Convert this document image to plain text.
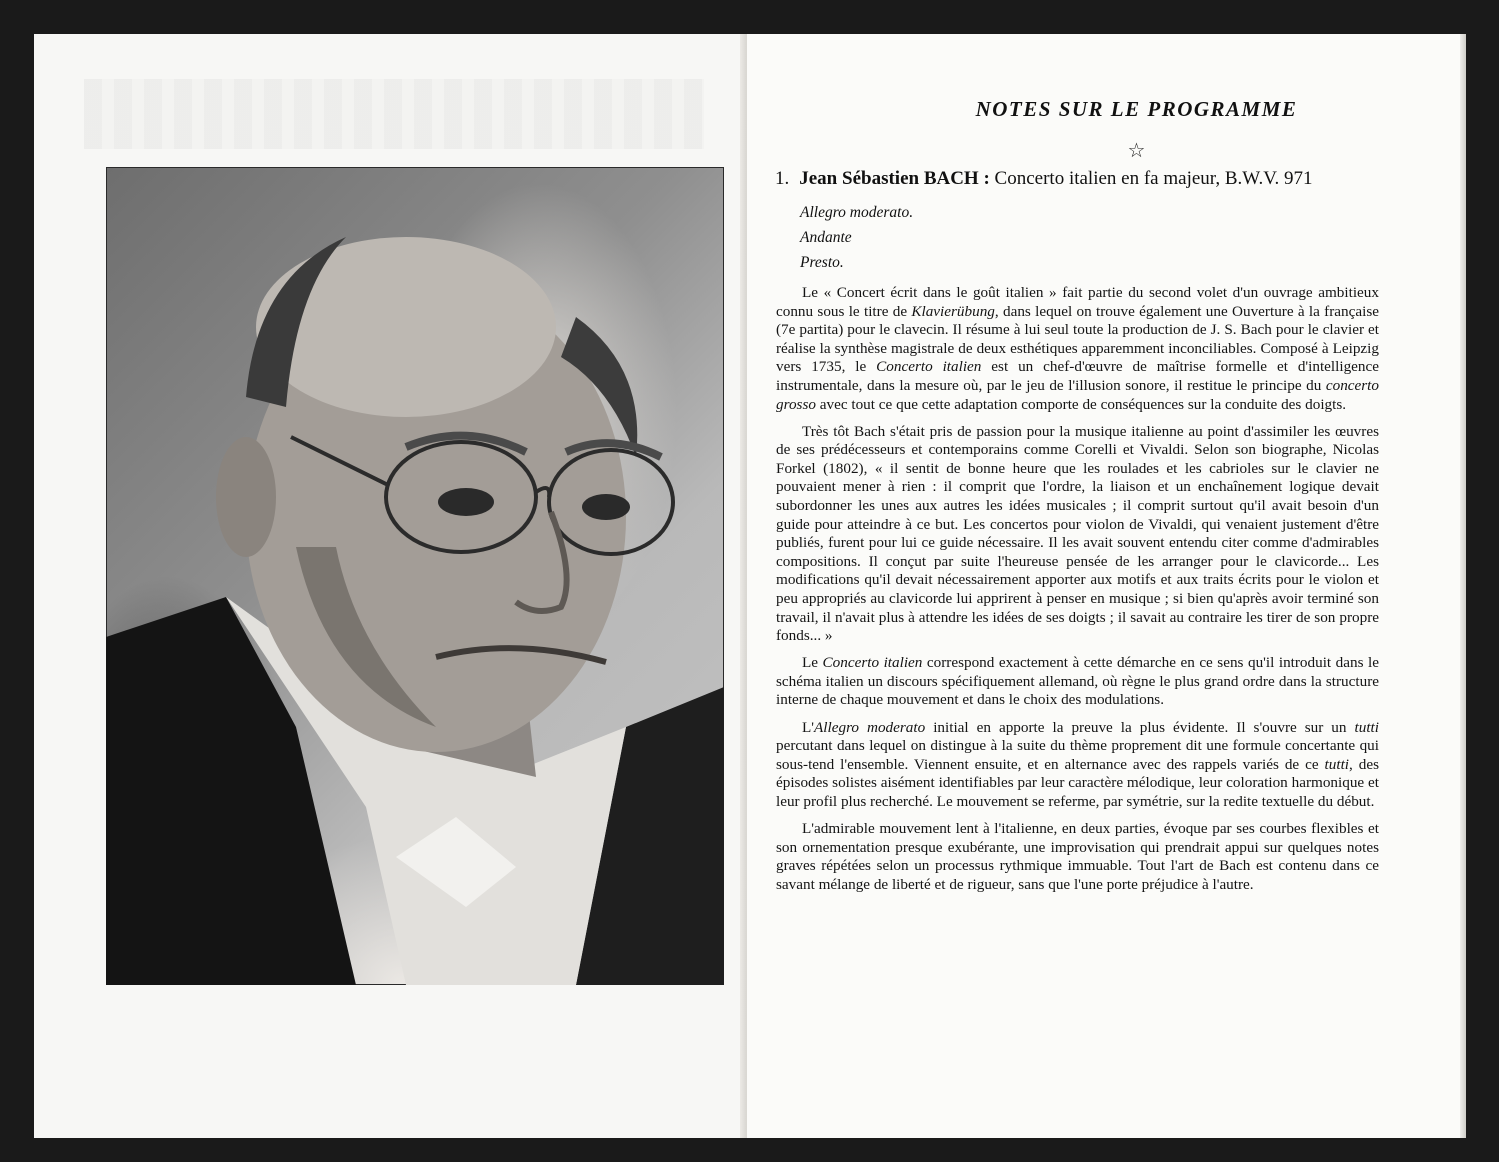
NOTES SUR LE PROGRAMME
☆
1. Jean Sébastien BACH : Concerto italien en fa majeur, B.W.V. 971
Allegro moderato.
Andante
Presto.

Le « Concert écrit dans le goût italien » fait partie du second volet d'un ouvrage ambitieux connu sous le titre de Klavierübung, dans lequel on trouve également une Ouverture à la française (7e partita) pour le clavecin. Il résume à lui seul toute la production de J. S. Bach pour le clavier et réalise la synthèse magistrale de deux esthétiques apparemment inconciliables. Composé à Leipzig vers 1735, le Concerto italien est un chef-d'œuvre de maîtrise formelle et d'intelligence instrumentale, dans la mesure où, par le jeu de l'illusion sonore, il restitue le principe du concerto grosso avec tout ce que cette adaptation comporte de conséquences sur la conduite des doigts.

Très tôt Bach s'était pris de passion pour la musique italienne au point d'assimiler les œuvres de ses prédécesseurs et contemporains comme Corelli et Vivaldi. Selon son biographe, Nicolas Forkel (1802), « il sentit de bonne heure que les roulades et les cabrioles sur le clavier ne pouvaient mener à rien : il comprit que l'ordre, la liaison et un enchaînement logique devait subordonner les unes aux autres les idées musicales ; il comprit surtout qu'il avait besoin d'un guide pour atteindre à ce but. Les concertos pour violon de Vivaldi, qui venaient justement d'être publiés, furent pour lui ce guide nécessaire. Il les avait souvent entendu citer comme d'admirables compositions. Il conçut par suite l'heureuse pensée de les arranger pour le clavicorde... Les modifications qu'il devait nécessairement apporter aux motifs et aux traits écrits pour le violon et peu appropriés au clavicorde lui apprirent à penser en musique ; si bien qu'après avoir terminé son travail, il n'avait plus à attendre les idées de ses doigts ; il savait au contraire les tirer de son propre fonds... »

Le Concerto italien correspond exactement à cette démarche en ce sens qu'il introduit dans le schéma italien un discours spécifiquement allemand, où règne le plus grand ordre dans la structure interne de chaque mouvement et dans le choix des modulations.

L'Allegro moderato initial en apporte la preuve la plus évidente. Il s'ouvre sur un tutti percutant dans lequel on distingue à la suite du thème proprement dit une formule concertante qui sous-tend l'ensemble. Viennent ensuite, et en alternance avec des rappels variés de ce tutti, des épisodes solistes aisément identifiables par leur caractère mélodique, leur coloration harmonique et leur profil plus recherché. Le mouvement se referme, par symétrie, sur la redite textuelle du début.

L'admirable mouvement lent à l'italienne, en deux parties, évoque par ses courbes flexibles et son ornementation presque exubérante, une improvisation qui prendrait appui sur quelques notes graves répétées selon un processus rythmique immuable. Tout l'art de Bach est contenu dans ce savant mélange de liberté et de rigueur, sans que l'une porte préjudice à l'autre.
